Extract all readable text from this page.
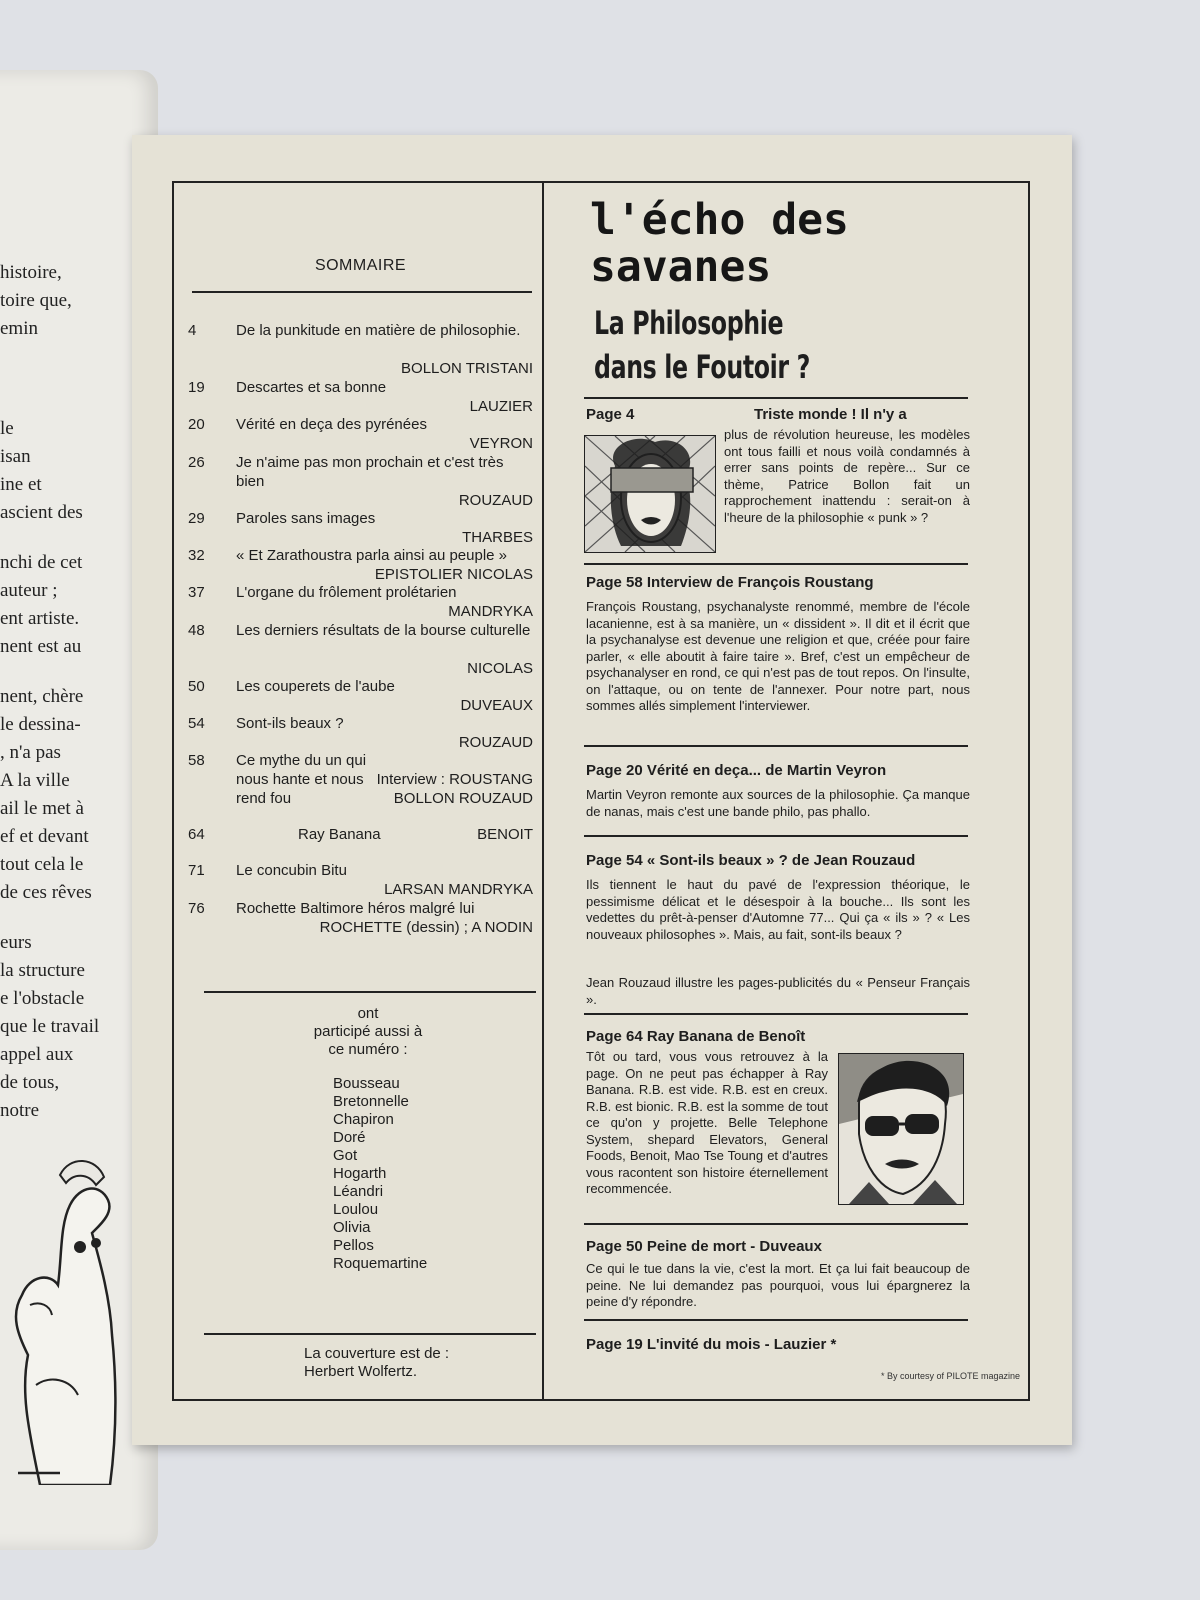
histoire,
toire que,
emin
le
isan
ine et
ascient des
nchi de cet
auteur ;
ent artiste.
nent est au
nent, chère
le dessina-
, n'a pas
A la ville
ail le met à
ef et devant
tout cela le
de ces rêves
eurs
la structure
e l'obstacle
que le travail
appel aux
de tous,
notre
SOMMAIRE
4	De la punkitude en matière de philosophie.
BOLLON TRISTANI
19	Descartes et sa bonne
LAUZIER
20	Vérité en deça des pyrénées
VEYRON
26	Je n'aime pas mon prochain et c'est très bien
ROUZAUD
29	Paroles sans images
THARBES
32	« Et Zarathoustra parla ainsi au peuple »
EPISTOLIER NICOLAS
37	L'organe du frôlement prolétarien
MANDRYKA
48	Les derniers résultats de la bourse culturelle
NICOLAS
50	Les couperets de l'aube
DUVEAUX
54	Sont-ils beaux ?
ROUZAUD
58	Ce mythe du un qui nous hante et nous rend fou
Interview : ROUSTANG
BOLLON ROUZAUD
64	Ray Banana	BENOIT
71	Le concubin Bitu
LARSAN MANDRYKA
76	Rochette Baltimore héros malgré lui
ROCHETTE (dessin) ; A NODIN
ont
participé aussi à
ce numéro :
Bousseau
Bretonnelle
Chapiron
Doré
Got
Hogarth
Léandri
Loulou
Olivia
Pellos
Roquemartine
La couverture est de :
Herbert Wolfertz.
l'écho des
savanes
La Philosophie
dans le Foutoir ?
Page 4	Triste monde ! Il n'y a
plus de révolution heureuse, les modèles ont tous failli et nous voilà condamnés à errer sans points de repère... Sur ce thème, Patrice Bollon fait un rapprochement inattendu : serait-on à l'heure de la philosophie « punk » ?
Page 58 Interview de François Roustang
François Roustang, psychanalyste renommé, membre de l'école lacanienne, est à sa manière, un « dissident ». Il dit et il écrit que la psychanalyse est devenue une religion et que, créée pour faire parler, « elle aboutit à faire taire ». Bref, c'est un empêcheur de psychanalyser en rond, ce qui n'est pas de tout repos. On l'insulte, on l'attaque, ou on tente de l'annexer. Pour notre part, nous sommes allés simplement l'interviewer.
Page 20 Vérité en deça... de Martin Veyron
Martin Veyron remonte aux sources de la philosophie. Ça manque de nanas, mais c'est une bande philo, pas phallo.
Page 54 « Sont-ils beaux » ? de Jean Rouzaud
Ils tiennent le haut du pavé de l'expression théorique, le pessimisme délicat et le désespoir à la bouche... Ils sont les vedettes du prêt-à-penser d'Automne 77... Qui ça « ils » ? « Les nouveaux philosophes ». Mais, au fait, sont-ils beaux ?
Jean Rouzaud illustre les pages-publicités du « Penseur Français ».
Page 64 Ray Banana de Benoît
Tôt ou tard, vous vous retrouvez à la page. On ne peut pas échapper à Ray Banana. R.B. est vide. R.B. est en creux. R.B. est bionic. R.B. est la somme de tout ce qu'on y projette. Belle Telephone System, shepard Elevators, General Foods, Benoit, Mao Tse Toung et d'autres vous racontent son histoire éternellement recommencée.
Page 50 Peine de mort - Duveaux
Ce qui le tue dans la vie, c'est la mort. Et ça lui fait beaucoup de peine. Ne lui demandez pas pourquoi, vous lui épargnerez la peine d'y répondre.
Page 19 L'invité du mois - Lauzier *
* By courtesy of PILOTE magazine
